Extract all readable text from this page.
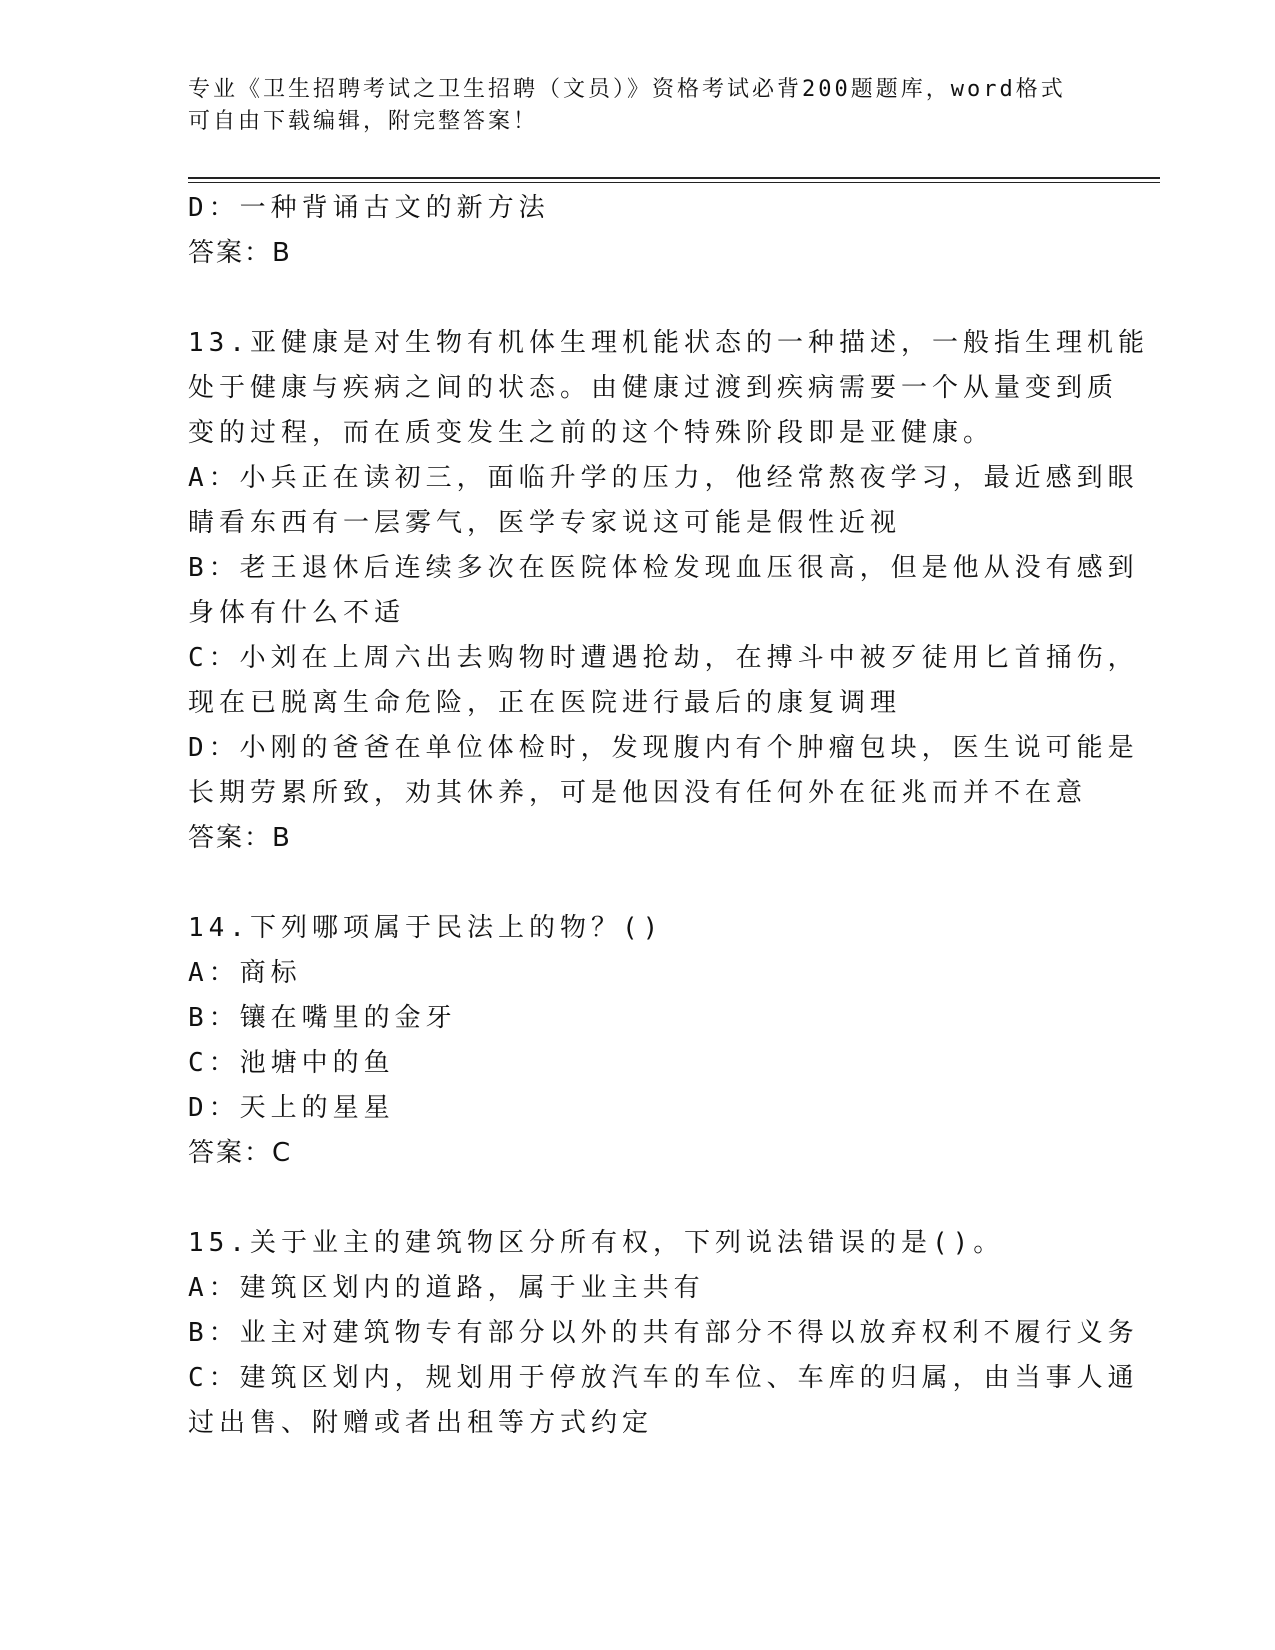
专业《卫生招聘考试之卫生招聘（文员）》资格考试必背200题题库，word格式
可自由下载编辑，附完整答案！
D：一种背诵古文的新方法
答案：B
13.亚健康是对生物有机体生理机能状态的一种描述，一般指生理机能
处于健康与疾病之间的状态。由健康过渡到疾病需要一个从量变到质
变的过程，而在质变发生之前的这个特殊阶段即是亚健康。
A：小兵正在读初三，面临升学的压力，他经常熬夜学习，最近感到眼
睛看东西有一层雾气，医学专家说这可能是假性近视
B：老王退休后连续多次在医院体检发现血压很高，但是他从没有感到
身体有什么不适
C：小刘在上周六出去购物时遭遇抢劫，在搏斗中被歹徒用匕首捅伤，
现在已脱离生命危险，正在医院进行最后的康复调理
D：小刚的爸爸在单位体检时，发现腹内有个肿瘤包块，医生说可能是
长期劳累所致，劝其休养，可是他因没有任何外在征兆而并不在意
答案：B
14.下列哪项属于民法上的物？()
A：商标
B：镶在嘴里的金牙
C：池塘中的鱼
D：天上的星星
答案：C
15.关于业主的建筑物区分所有权，下列说法错误的是()。
A：建筑区划内的道路，属于业主共有
B：业主对建筑物专有部分以外的共有部分不得以放弃权利不履行义务
C：建筑区划内，规划用于停放汽车的车位、车库的归属，由当事人通
过出售、附赠或者出租等方式约定
